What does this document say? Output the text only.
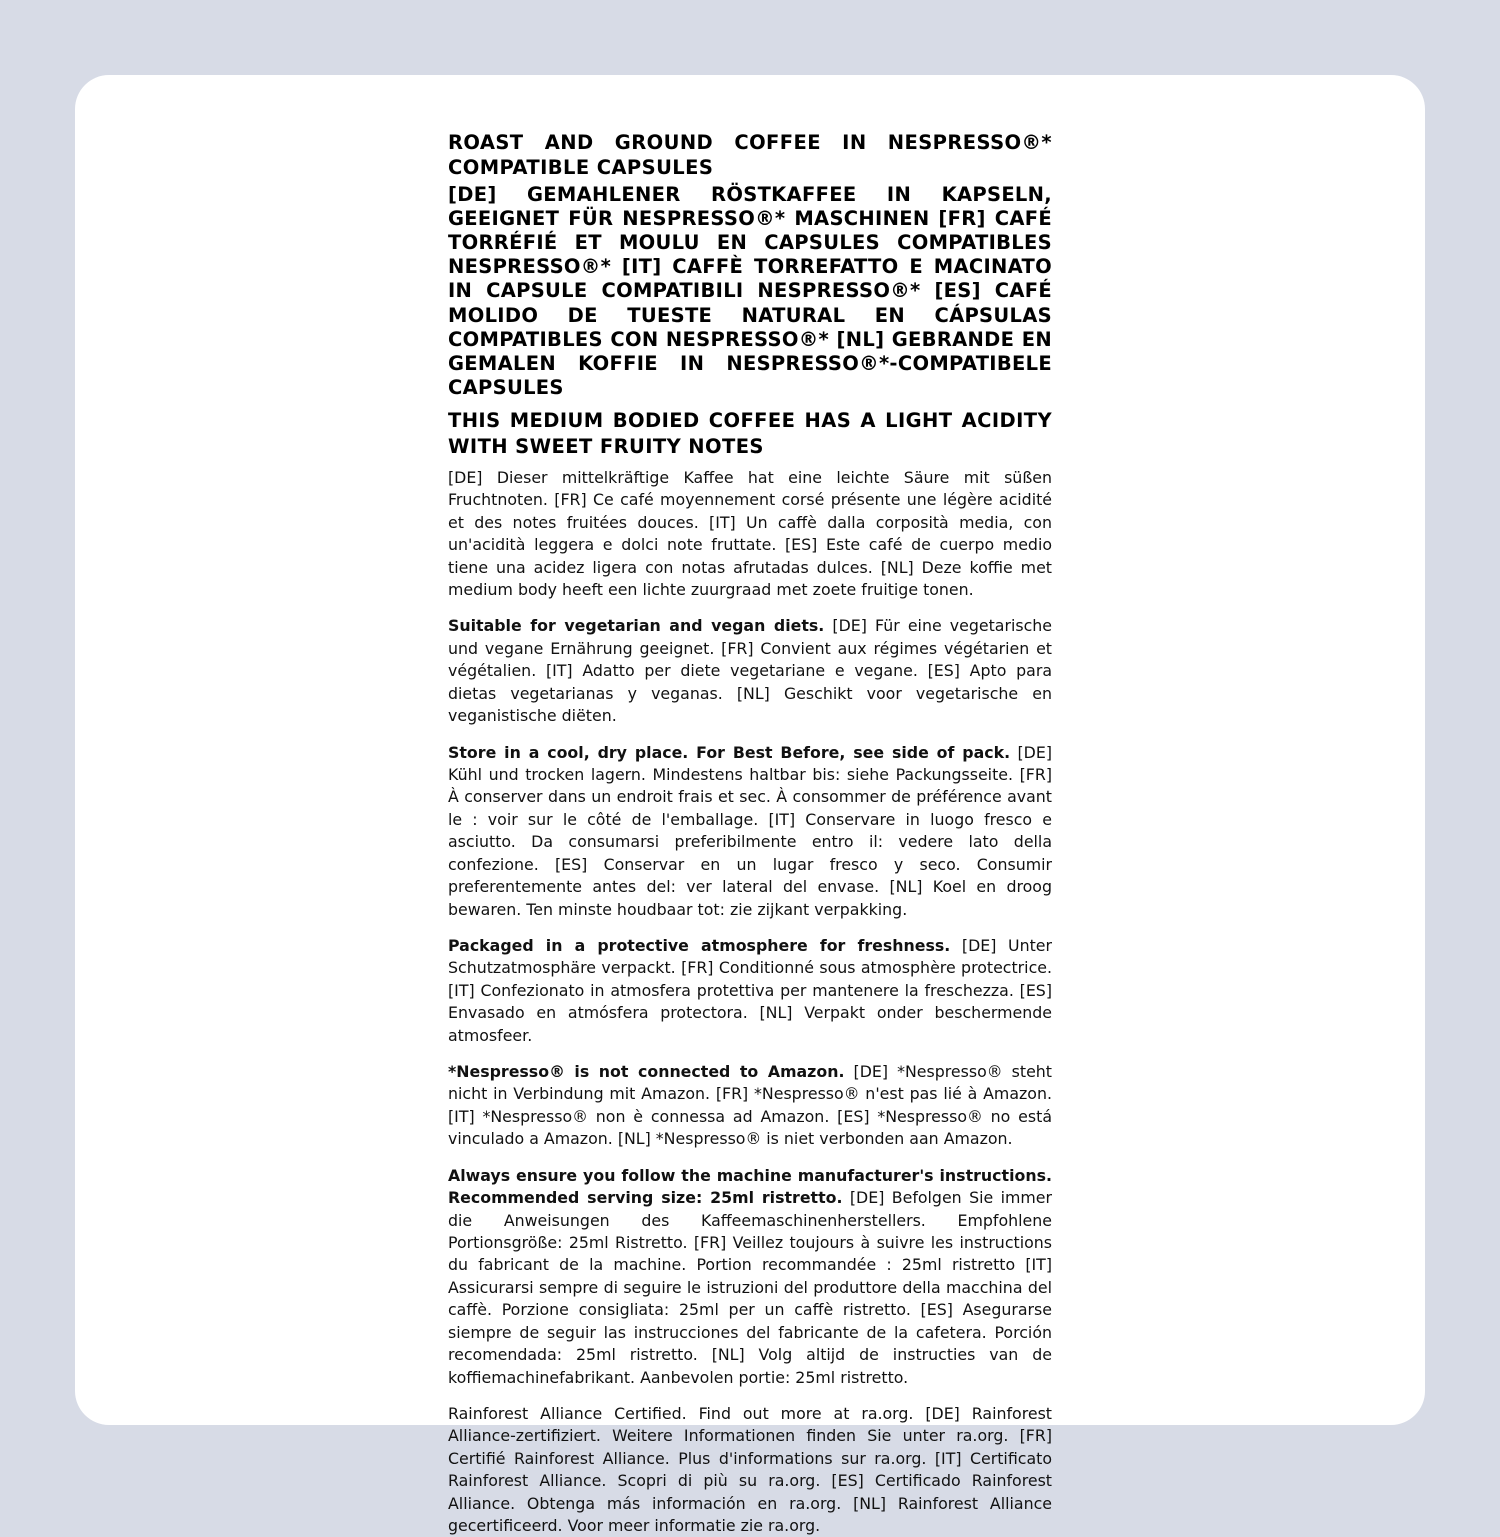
ROAST AND GROUND COFFEE IN NESPRESSO®* COMPATIBLE CAPSULES
[DE] GEMAHLENER RÖSTKAFFEE IN KAPSELN, GEEIGNET FÜR NESPRESSO®* MASCHINEN [FR] CAFÉ TORRÉFIÉ ET MOULU EN CAPSULES COMPATIBLES NESPRESSO®* [IT] CAFFÈ TORREFATTO E MACINATO IN CAPSULE COMPATIBILI NESPRESSO®* [ES] CAFÉ MOLIDO DE TUESTE NATURAL EN CÁPSULAS COMPATIBLES CON NESPRESSO®* [NL] GEBRANDE EN GEMALEN KOFFIE IN NESPRESSO®*-COMPATIBELE CAPSULES
THIS MEDIUM BODIED COFFEE HAS A LIGHT ACIDITY WITH SWEET FRUITY NOTES
[DE] Dieser mittelkräftige Kaffee hat eine leichte Säure mit süßen Fruchtnoten. [FR] Ce café moyennement corsé présente une légère acidité et des notes fruitées douces. [IT] Un caffè dalla corposità media, con un'acidità leggera e dolci note fruttate. [ES] Este café de cuerpo medio tiene una acidez ligera con notas afrutadas dulces. [NL] Deze koffie met medium body heeft een lichte zuurgraad met zoete fruitige tonen.
Suitable for vegetarian and vegan diets. [DE] Für eine vegetarische und vegane Ernährung geeignet. [FR] Convient aux régimes végétarien et végétalien. [IT] Adatto per diete vegetariane e vegane. [ES] Apto para dietas vegetarianas y veganas. [NL] Geschikt voor vegetarische en veganistische diëten.
Store in a cool, dry place. For Best Before, see side of pack. [DE] Kühl und trocken lagern. Mindestens haltbar bis: siehe Packungsseite. [FR] À conserver dans un endroit frais et sec. À consommer de préférence avant le : voir sur le côté de l'emballage. [IT] Conservare in luogo fresco e asciutto. Da consumarsi preferibilmente entro il: vedere lato della confezione. [ES] Conservar en un lugar fresco y seco. Consumir preferentemente antes del: ver lateral del envase. [NL] Koel en droog bewaren. Ten minste houdbaar tot: zie zijkant verpakking.
Packaged in a protective atmosphere for freshness. [DE] Unter Schutzatmosphäre verpackt. [FR] Conditionné sous atmosphère protectrice. [IT] Confezionato in atmosfera protettiva per mantenere la freschezza. [ES] Envasado en atmósfera protectora. [NL] Verpakt onder beschermende atmosfeer.
*Nespresso® is not connected to Amazon. [DE] *Nespresso® steht nicht in Verbindung mit Amazon. [FR] *Nespresso® n'est pas lié à Amazon. [IT] *Nespresso® non è connessa ad Amazon. [ES] *Nespresso® no está vinculado a Amazon. [NL] *Nespresso® is niet verbonden aan Amazon.
Always ensure you follow the machine manufacturer's instructions. Recommended serving size: 25ml ristretto. [DE] Befolgen Sie immer die Anweisungen des Kaffeemaschinenherstellers. Empfohlene Portionsgröße: 25ml Ristretto. [FR] Veillez toujours à suivre les instructions du fabricant de la machine. Portion recommandée : 25ml ristretto [IT] Assicurarsi sempre di seguire le istruzioni del produttore della macchina del caffè. Porzione consigliata: 25ml per un caffè ristretto. [ES] Asegurarse siempre de seguir las instrucciones del fabricante de la cafetera. Porción recomendada: 25ml ristretto. [NL] Volg altijd de instructies van de koffiemachinefabrikant. Aanbevolen portie: 25ml ristretto.
Rainforest Alliance Certified. Find out more at ra.org. [DE] Rainforest Alliance-zertifiziert. Weitere Informationen finden Sie unter ra.org. [FR] Certifié Rainforest Alliance. Plus d'informations sur ra.org. [IT] Certificato Rainforest Alliance. Scopri di più su ra.org. [ES] Certificado Rainforest Alliance. Obtenga más información en ra.org. [NL] Rainforest Alliance gecertificeerd. Voor meer informatie zie ra.org.
